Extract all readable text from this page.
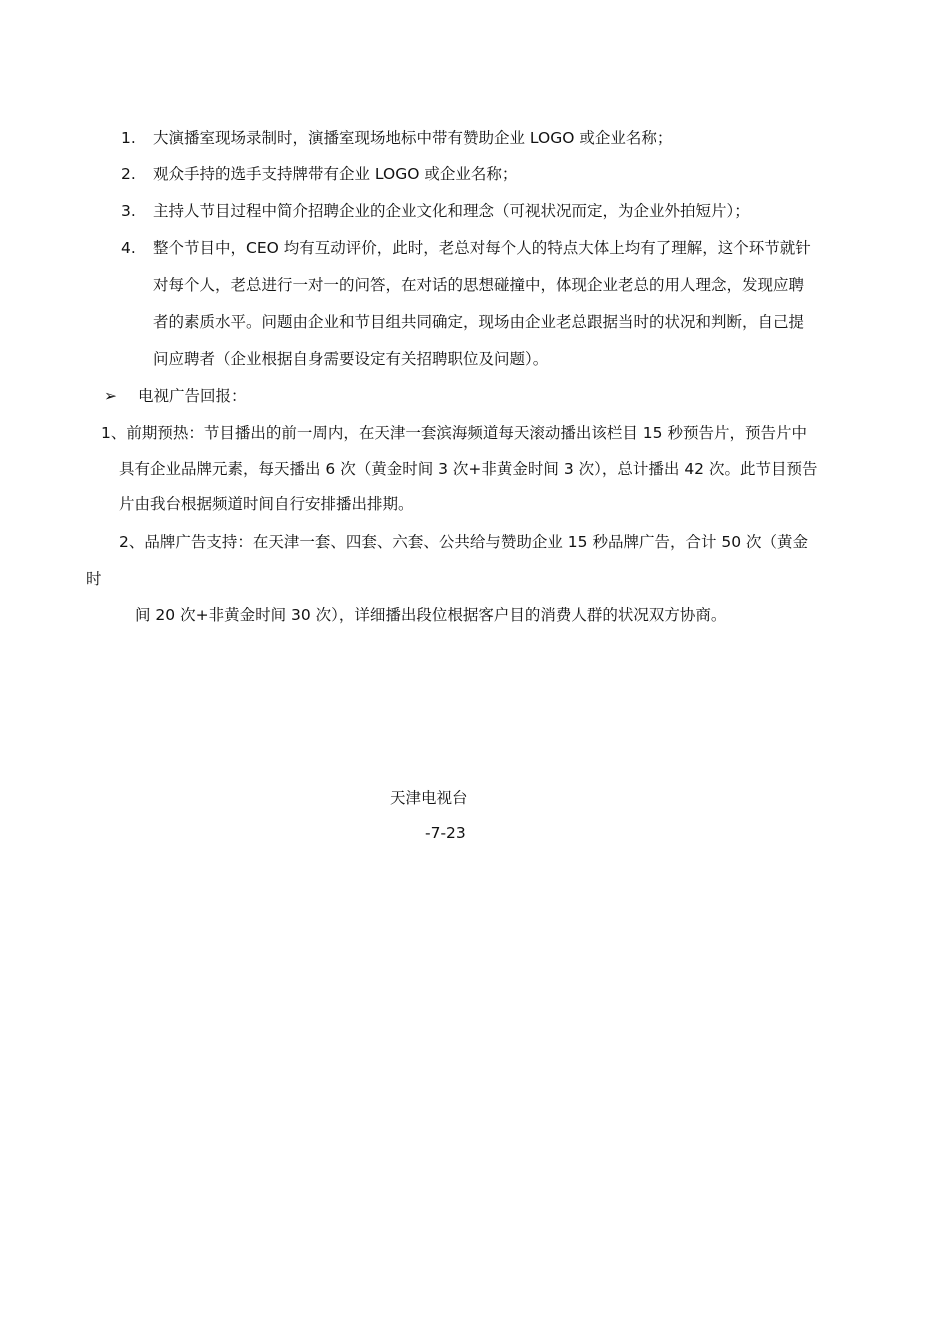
1.	大演播室现场录制时，演播室现场地标中带有赞助企业 LOGO 或企业名称；
2.	观众手持的选手支持牌带有企业 LOGO 或企业名称；
3.	主持人节目过程中简介招聘企业的企业文化和理念（可视状况而定，为企业外拍短片）；
4.	整个节目中，CEO 均有互动评价，此时，老总对每个人的特点大体上均有了理解，这个环节就针
对每个人，老总进行一对一的问答，在对话的思想碰撞中，体现企业老总的用人理念，发现应聘
者的素质水平。问题由企业和节目组共同确定，现场由企业老总跟据当时的状况和判断，自己提
问应聘者（企业根据自身需要设定有关招聘职位及问题）。
➢ 电视广告回报：
1、前期预热：节目播出的前一周内，在天津一套滨海频道每天滚动播出该栏目 15 秒预告片，预告片中
具有企业品牌元素，每天播出 6 次（黄金时间 3 次+非黄金时间 3 次），总计播出 42 次。此节目预告
片由我台根据频道时间自行安排播出排期。
2、品牌广告支持：在天津一套、四套、六套、公共给与赞助企业 15 秒品牌广告，合计 50 次（黄金
时
间 20 次+非黄金时间 30 次），详细播出段位根据客户目的消费人群的状况双方协商。
天津电视台
-7-23
